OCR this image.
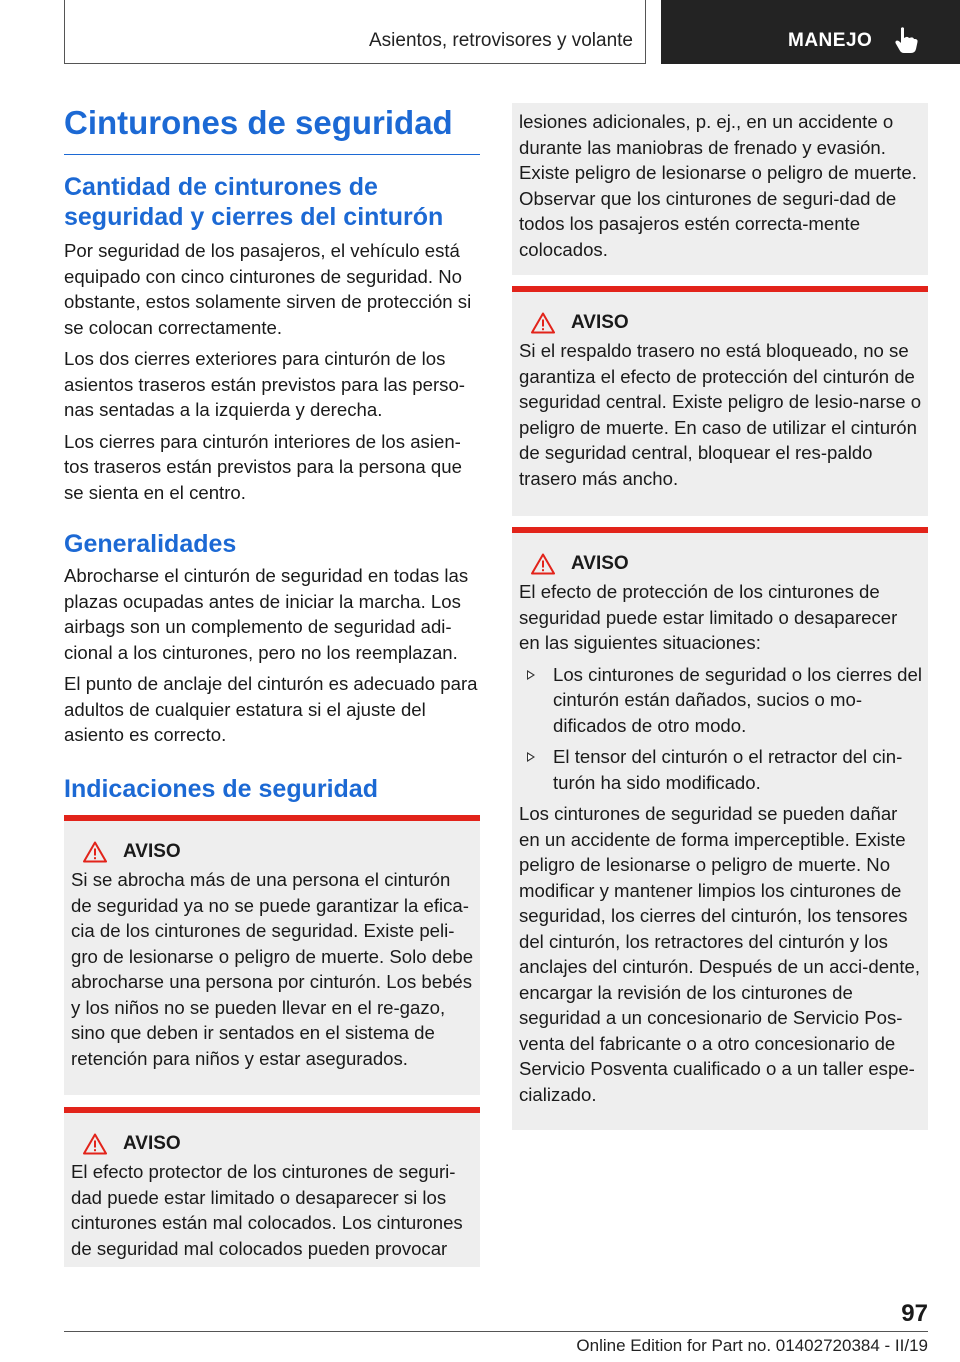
Asientos, retrovisores y volante	MANEJO
Cinturones de seguridad
Cantidad de cinturones de seguridad y cierres del cinturón

Por seguridad de los pasajeros, el vehículo está equipado con cinco cinturones de seguridad. No obstante, estos solamente sirven de protección si se colocan correctamente.

Los dos cierres exteriores para cinturón de los asientos traseros están previstos para las perso‐nas sentadas a la izquierda y derecha.

Los cierres para cinturón interiores de los asien‐tos traseros están previstos para la persona que se sienta en el centro.

Generalidades

Abrocharse el cinturón de seguridad en todas las plazas ocupadas antes de iniciar la marcha. Los airbags son un complemento de seguridad adi‐cional a los cinturones, pero no los reemplazan.

El punto de anclaje del cinturón es adecuado para adultos de cualquier estatura si el ajuste del asiento es correcto.

Indicaciones de seguridad
AVISO

Si se abrocha más de una persona el cinturón de seguridad ya no se puede garantizar la efica‐cia de los cinturones de seguridad. Existe peli‐gro de lesionarse o peligro de muerte. Solo debe abrocharse una persona por cinturón. Los bebés y los niños no se pueden llevar en el re‐gazo, sino que deben ir sentados en el sistema de retención para niños y estar asegurados.

AVISO

El efecto protector de los cinturones de seguri‐dad puede estar limitado o desaparecer si los cinturones están mal colocados. Los cinturones de seguridad mal colocados pueden provocar

lesiones adicionales, p. ej., en un accidente o durante las maniobras de frenado y evasión. Existe peligro de lesionarse o peligro de muerte. Observar que los cinturones de seguri‐dad de todos los pasajeros estén correcta‐mente colocados.

AVISO

Si el respaldo trasero no está bloqueado, no se garantiza el efecto de protección del cinturón de seguridad central. Existe peligro de lesio‐narse o peligro de muerte. En caso de utilizar el cinturón de seguridad central, bloquear el res‐paldo trasero más ancho.

AVISO

El efecto de protección de los cinturones de seguridad puede estar limitado o desaparecer en las siguientes situaciones:

Los cinturones de seguridad o los cierres del cinturón están dañados, sucios o mo‐dificados de otro modo.
El tensor del cinturón o el retractor del cin‐turón ha sido modificado.

Los cinturones de seguridad se pueden dañar en un accidente de forma imperceptible. Existe peligro de lesionarse o peligro de muerte. No modificar y mantener limpios los cinturones de seguridad, los cierres del cinturón, los tensores del cinturón, los retractores del cinturón y los anclajes del cinturón. Después de un acci‐dente, encargar la revisión de los cinturones de seguridad a un concesionario de Servicio Pos‐venta del fabricante o a otro concesionario de Servicio Posventa cualificado o a un taller espe‐cializado.

97
Online Edition for Part no. 01402720384 - II/19
